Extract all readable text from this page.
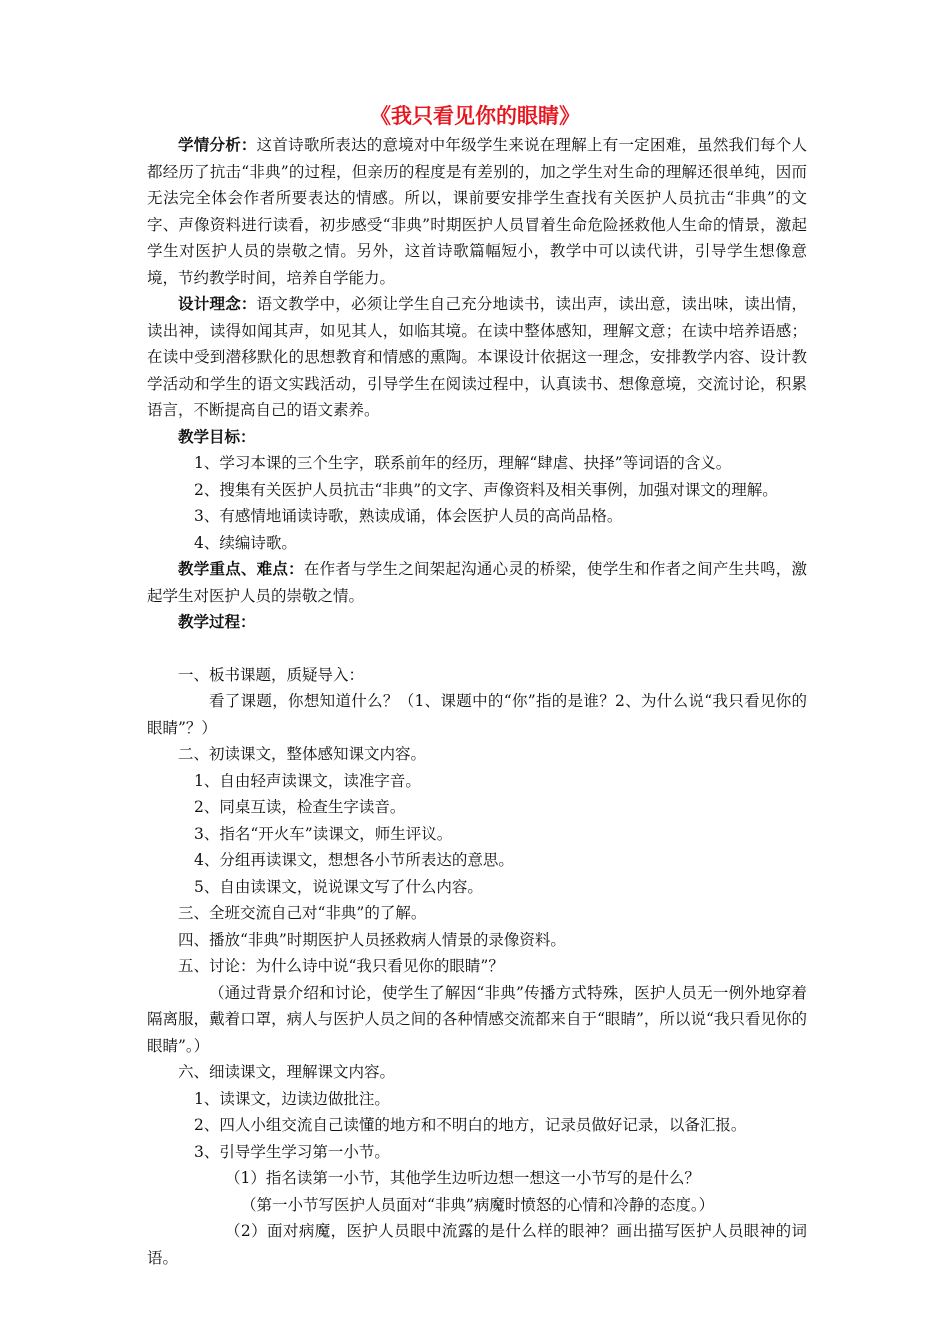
《我只看见你的眼睛》

学情分析：这首诗歌所表达的意境对中年级学生来说在理解上有一定困难，虽然我们每个人都经历了抗击“非典”的过程，但亲历的程度是有差别的，加之学生对生命的理解还很单纯，因而无法完全体会作者所要表达的情感。所以，课前要安排学生查找有关医护人员抗击“非典”的文字、声像资料进行读看，初步感受“非典”时期医护人员冒着生命危险拯救他人生命的情景，激起学生对医护人员的崇敬之情。另外，这首诗歌篇幅短小，教学中可以读代讲，引导学生想像意境，节约教学时间，培养自学能力。

设计理念：语文教学中，必须让学生自己充分地读书，读出声，读出意，读出味，读出情，读出神，读得如闻其声，如见其人，如临其境。在读中整体感知，理解文意；在读中培养语感；在读中受到潜移默化的思想教育和情感的熏陶。本课设计依据这一理念，安排教学内容、设计教学活动和学生的语文实践活动，引导学生在阅读过程中，认真读书、想像意境，交流讨论，积累语言，不断提高自己的语文素养。

教学目标：

1、学习本课的三个生字，联系前年的经历，理解“肆虐、抉择”等词语的含义。

2、搜集有关医护人员抗击“非典”的文字、声像资料及相关事例，加强对课文的理解。

3、有感情地诵读诗歌，熟读成诵，体会医护人员的高尚品格。

4、续编诗歌。

教学重点、难点：在作者与学生之间架起沟通心灵的桥梁，使学生和作者之间产生共鸣，激起学生对医护人员的崇敬之情。

教学过程：

一、板书课题，质疑导入：

看了课题，你想知道什么？（1、课题中的“你”指的是谁？2、为什么说“我只看见你的眼睛”？）

二、初读课文，整体感知课文内容。

1、自由轻声读课文，读准字音。

2、同桌互读，检查生字读音。

3、指名“开火车”读课文，师生评议。

4、分组再读课文，想想各小节所表达的意思。

5、自由读课文，说说课文写了什么内容。

三、全班交流自己对“非典”的了解。

四、播放“非典”时期医护人员拯救病人情景的录像资料。

五、讨论：为什么诗中说“我只看见你的眼睛”？

（通过背景介绍和讨论，使学生了解因“非典”传播方式特殊，医护人员无一例外地穿着隔离服，戴着口罩，病人与医护人员之间的各种情感交流都来自于“眼睛”，所以说“我只看见你的眼睛”。）

六、细读课文，理解课文内容。

1、读课文，边读边做批注。

2、四人小组交流自己读懂的地方和不明白的地方，记录员做好记录，以备汇报。

3、引导学生学习第一小节。

（1）指名读第一小节，其他学生边听边想一想这一小节写的是什么？

（第一小节写医护人员面对“非典”病魔时愤怒的心情和冷静的态度。）

（2）面对病魔，医护人员眼中流露的是什么样的眼神？画出描写医护人员眼神的词语。
